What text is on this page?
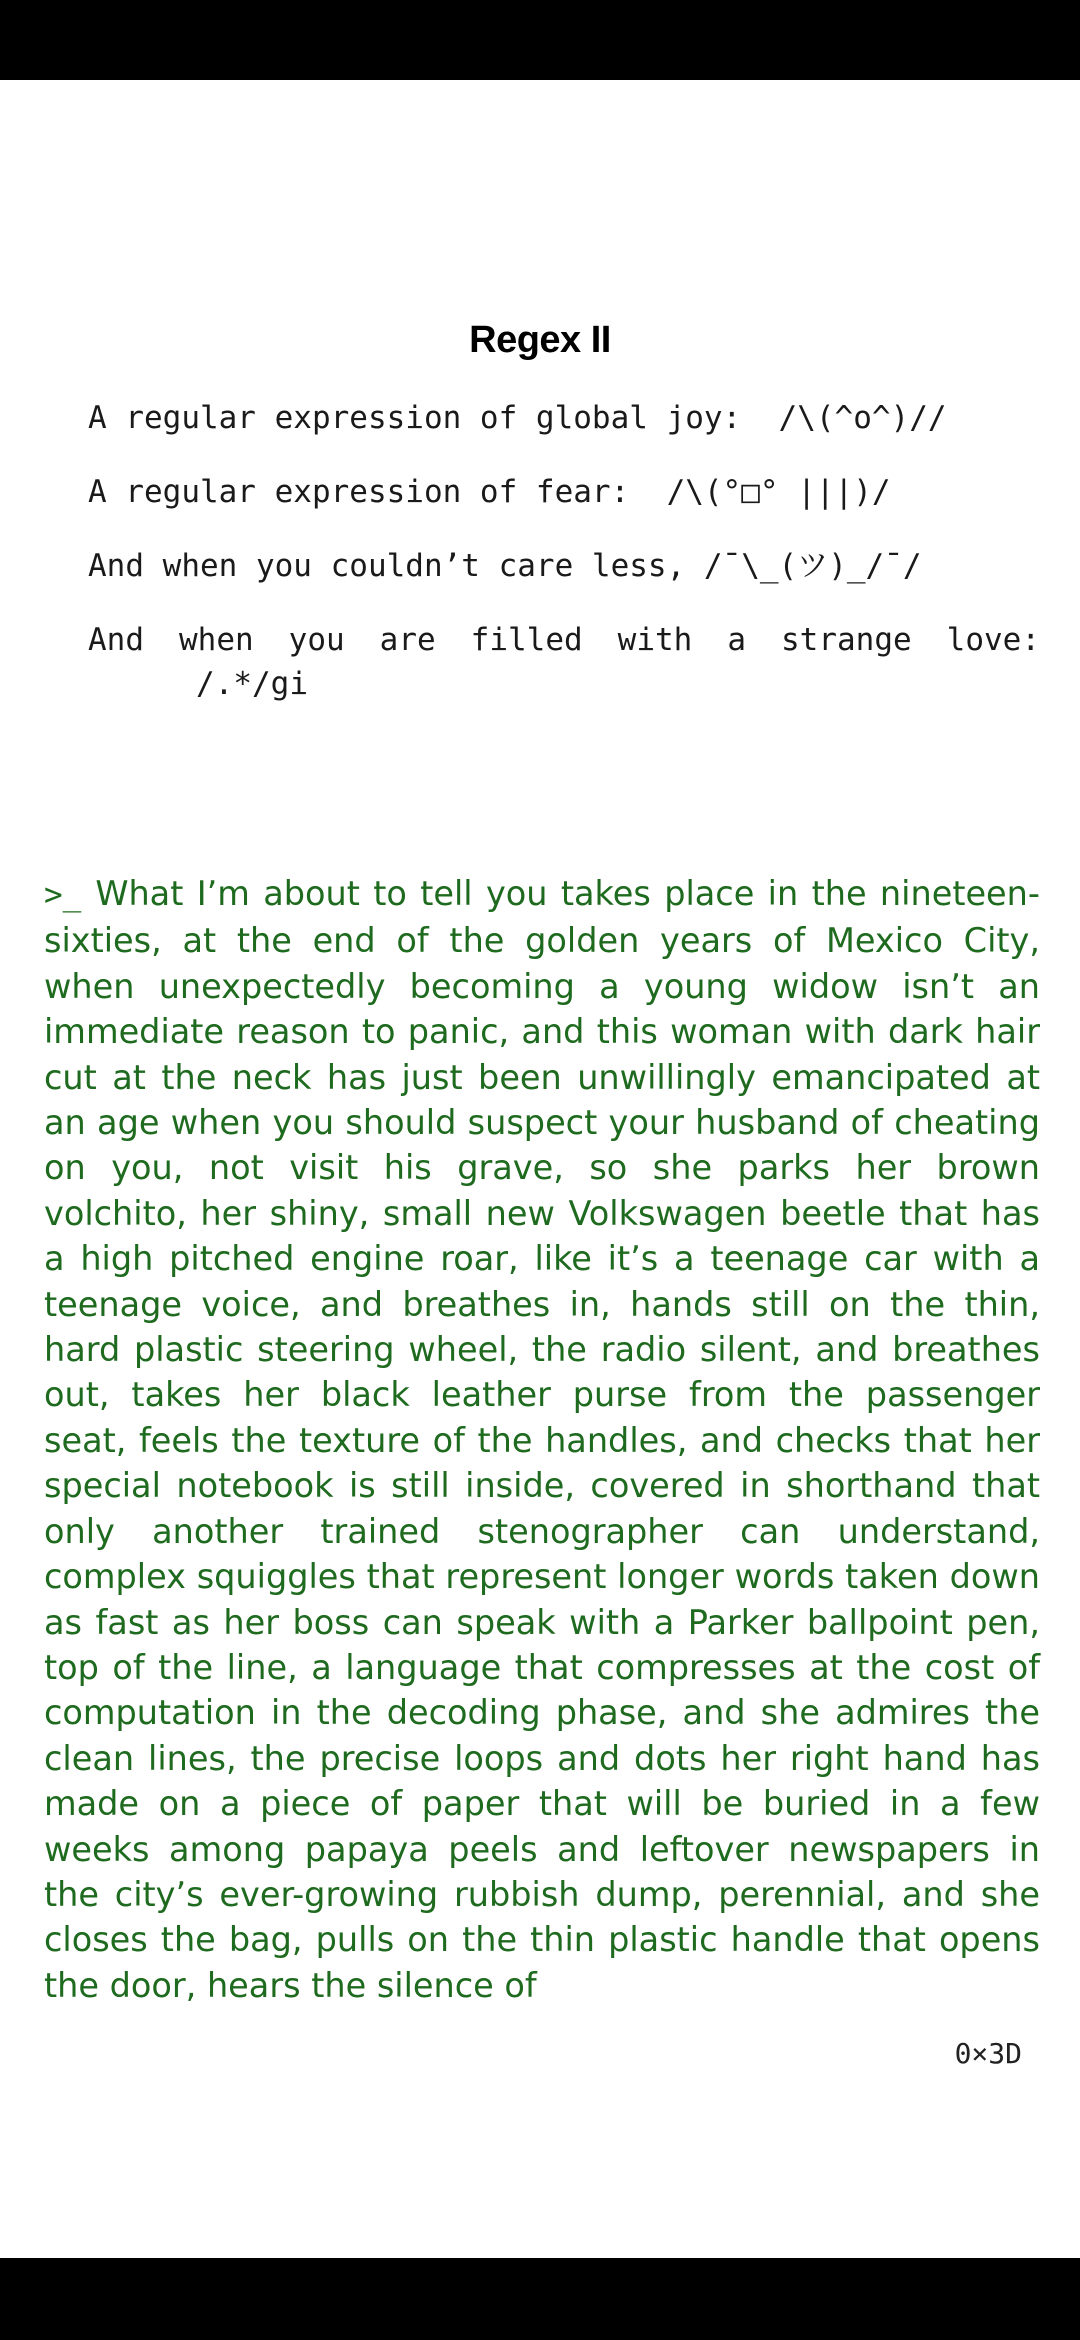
Regex II
A regular expression of global joy:  /\(^o^)//
A regular expression of fear:  /\(°□° |||)/
And when you couldn’t care less, /¯\_(ツ)_/¯/
And when you are filled with a strange love:
/.*/gi
>_ What I’m about to tell you takes place in the nineteen-sixties, at the end of the golden years of Mexico City, when unexpectedly becoming a young widow isn’t an immediate reason to panic, and this woman with dark hair cut at the neck has just been unwillingly emancipated at an age when you should suspect your husband of cheating on you, not visit his grave, so she parks her brown volchito, her shiny, small new Volkswagen beetle that has a high pitched engine roar, like it’s a teenage car with a teenage voice, and breathes in, hands still on the thin, hard plastic steering wheel, the radio silent, and breathes out, takes her black leather purse from the passenger seat, feels the texture of the handles, and checks that her special notebook is still inside, covered in shorthand that only another trained stenographer can understand, complex squiggles that represent longer words taken down as fast as her boss can speak with a Parker ballpoint pen, top of the line, a language that compresses at the cost of computation in the decoding phase, and she admires the clean lines, the precise loops and dots her right hand has made on a piece of paper that will be buried in a few weeks among papaya peels and leftover newspapers in the city’s ever-growing rubbish dump, perennial, and she closes the bag, pulls on the thin plastic handle that opens the door, hears the silence of
0×3D
